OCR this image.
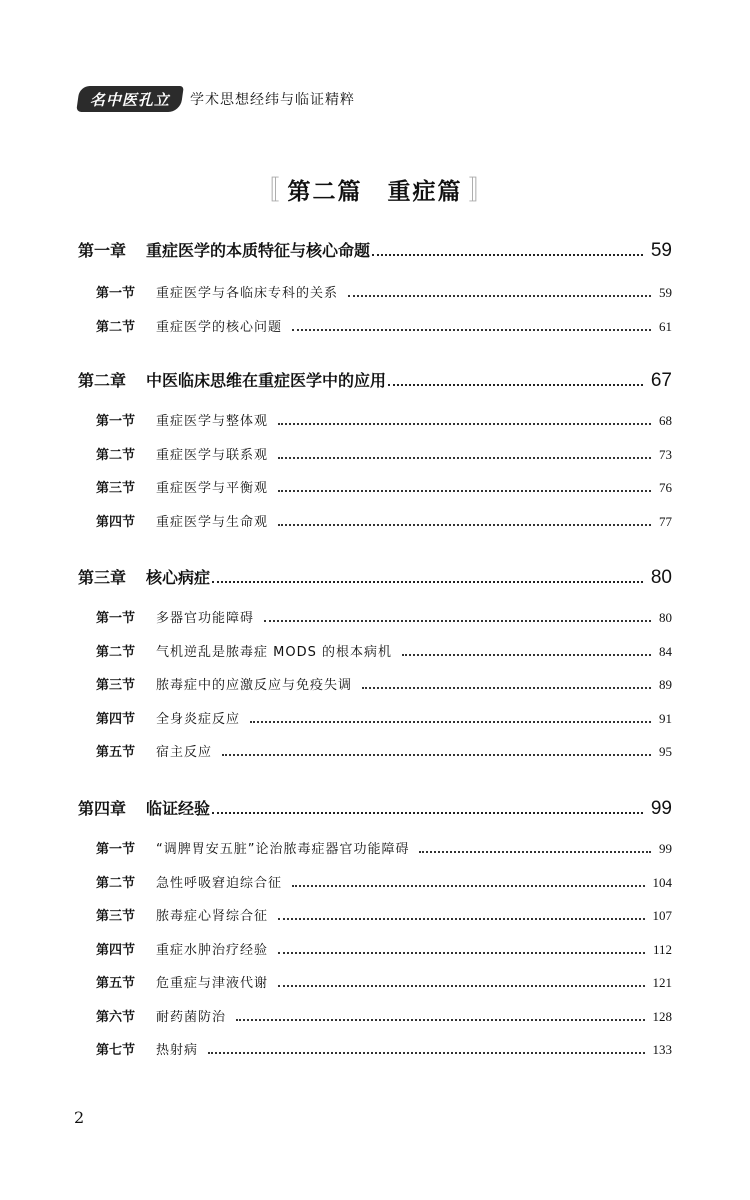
名中医孔立 学术思想经纬与临证精粹
〚 第二篇　重症篇 〛
第一章	重症医学的本质特征与核心命题	59
第一节	重症医学与各临床专科的关系	59
第二节	重症医学的核心问题	61
第二章	中医临床思维在重症医学中的应用	67
第一节	重症医学与整体观	68
第二节	重症医学与联系观	73
第三节	重症医学与平衡观	76
第四节	重症医学与生命观	77
第三章	核心病症	80
第一节	多器官功能障碍	80
第二节	气机逆乱是脓毒症 MODS 的根本病机	84
第三节	脓毒症中的应激反应与免疫失调	89
第四节	全身炎症反应	91
第五节	宿主反应	95
第四章	临证经验	99
第一节	“调脾胃安五脏”论治脓毒症器官功能障碍	99
第二节	急性呼吸窘迫综合征	104
第三节	脓毒症心肾综合征	107
第四节	重症水肿治疗经验	112
第五节	危重症与津液代谢	121
第六节	耐药菌防治	128
第七节	热射病	133
2
